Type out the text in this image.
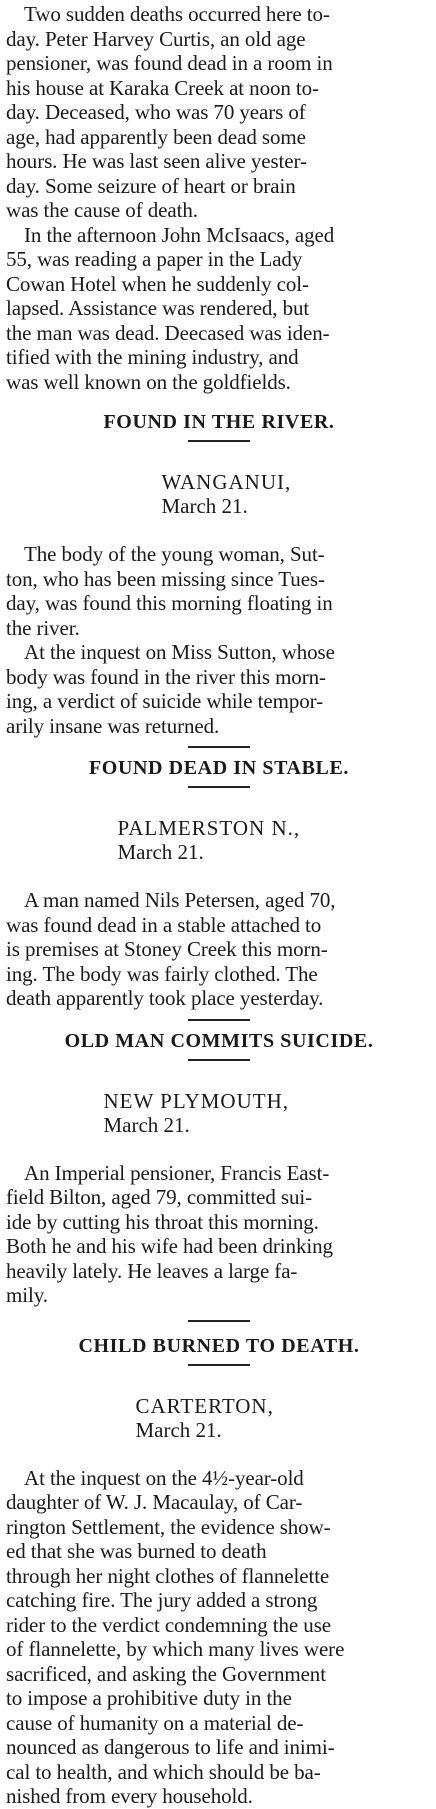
Two sudden deaths occurred here to-
day. Peter Harvey Curtis, an old age
pensioner, was found dead in a room in
his house at Karaka Creek at noon to-
day. Deceased, who was 70 years of
age, had apparently been dead some
hours. He was last seen alive yester-
day. Some seizure of heart or brain
was the cause of death.

In the afternoon John McIsaacs, aged
55, was reading a paper in the Lady
Cowan Hotel when he suddenly col-
lapsed. Assistance was rendered, but
the man was dead. Deecased was iden-
tified with the mining industry, and
was well known on the goldfields.

FOUND IN THE RIVER.

WANGANUI,
March 21.

The body of the young woman, Sut-
ton, who has been missing since Tues-
day, was found this morning floating in
the river.

At the inquest on Miss Sutton, whose
body was found in the river this morn-
ing, a verdict of suicide while tempor-
arily insane was returned.

FOUND DEAD IN STABLE.

PALMERSTON N.,
March 21.

A man named Nils Petersen, aged 70,
was found dead in a stable attached to
is premises at Stoney Creek this morn-
ing. The body was fairly clothed. The
death apparently took place yesterday.

OLD MAN COMMITS SUICIDE.

NEW PLYMOUTH,
March 21.

An Imperial pensioner, Francis East-
field Bilton, aged 79, committed sui-
ide by cutting his throat this morning.
Both he and his wife had been drinking
heavily lately. He leaves a large fa-
mily.

CHILD BURNED TO DEATH.

CARTERTON,
March 21.

At the inquest on the 4½-year-old
daughter of W. J. Macaulay, of Car-
rington Settlement, the evidence show-
ed that she was burned to death
through her night clothes of flannelette
catching fire. The jury added a strong
rider to the verdict condemning the use
of flannelette, by which many lives were
sacrificed, and asking the Government
to impose a prohibitive duty in the
cause of humanity on a material de-
nounced as dangerous to life and inimi-
cal to health, and which should be ba-
nished from every household.
